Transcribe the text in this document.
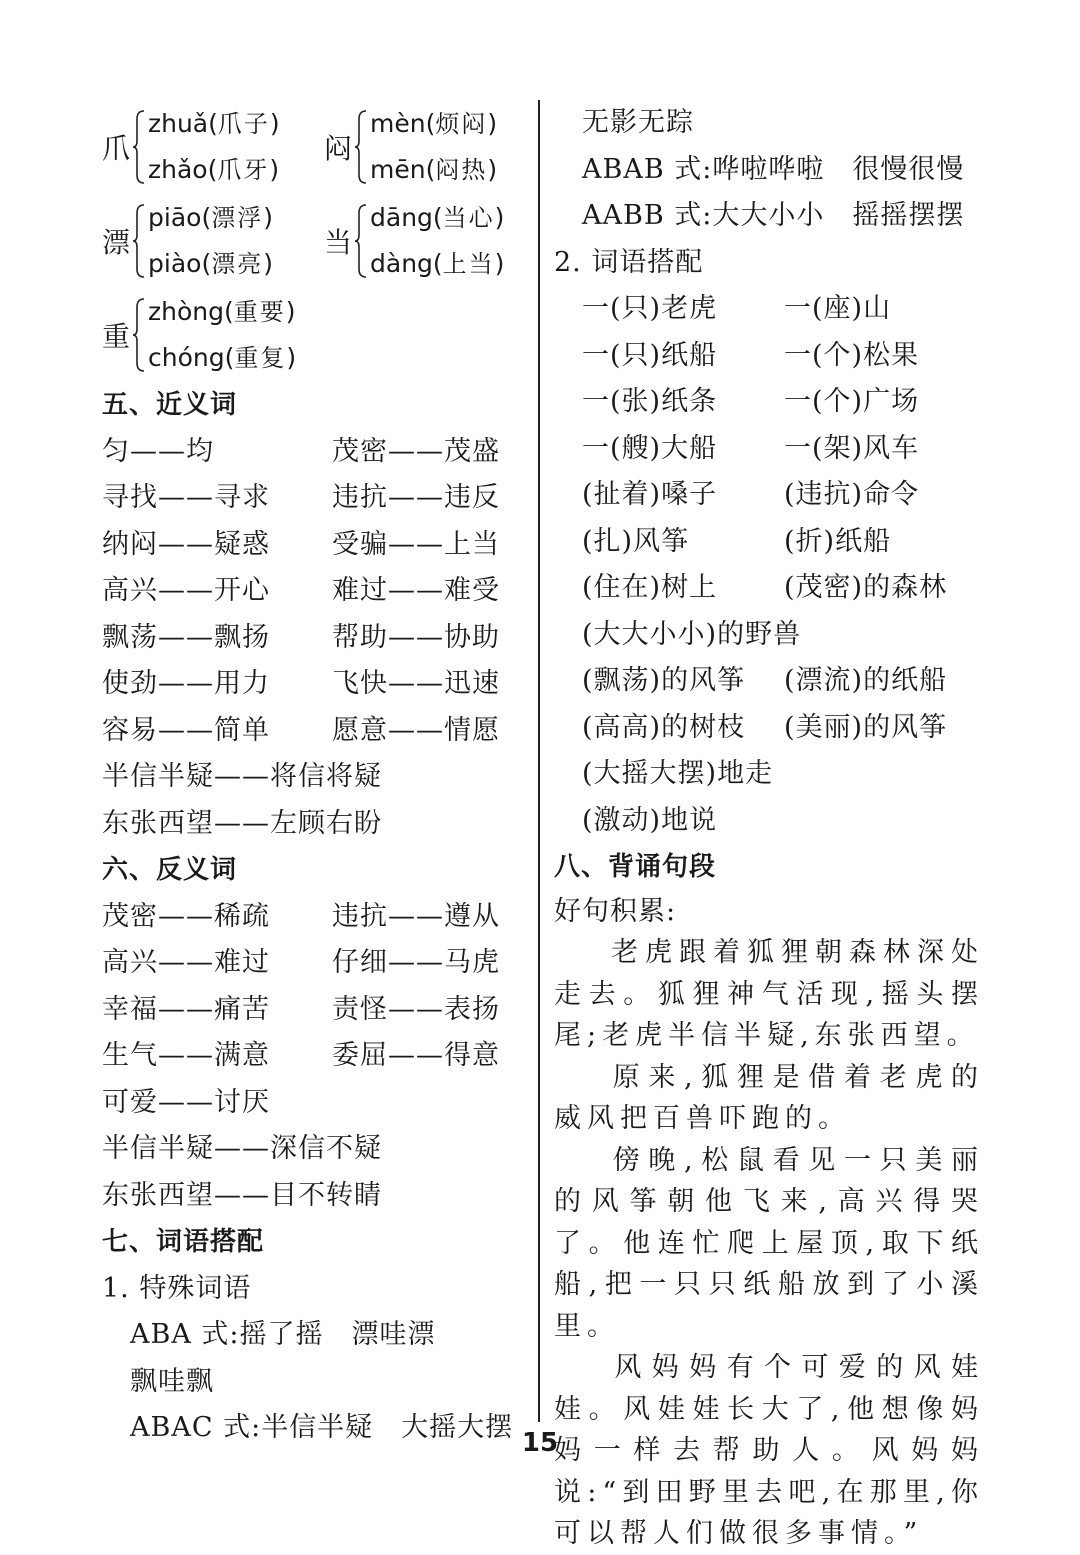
爪
zhuǎ(爪子)
zhǎo(爪牙)
闷
mèn(烦闷)
mēn(闷热)
漂
piāo(漂浮)
piào(漂亮)
当
dāng(当心)
dàng(上当)
重
zhòng(重要)
chóng(重复)
五、近义词
匀——均	茂密——茂盛
寻找——寻求 违抗——违反
纳闷——疑惑 受骗——上当
高兴——开心 难过——难受
飘荡——飘扬 帮助——协助
使劲——用力 飞快——迅速
容易——简单 愿意——情愿
半信半疑——将信将疑
东张西望——左顾右盼
六、反义词
茂密——稀疏 违抗——遵从
高兴——难过 仔细——马虎
幸福——痛苦 责怪——表扬
生气——满意 委屈——得意
可爱——讨厌
半信半疑——深信不疑
东张西望——目不转睛
七、词语搭配
1. 特殊词语
ABA 式:摇了摇　漂哇漂
飘哇飘
ABAC 式:半信半疑　大摇大摆
无影无踪
ABAB 式:哗啦哗啦　很慢很慢
AABB 式:大大小小　摇摇摆摆
2. 词语搭配
一(只)老虎 一(座)山
一(只)纸船 一(个)松果
一(张)纸条 一(个)广场
一(艘)大船 一(架)风车
(扯着)嗓子 (违抗)命令
(扎)风筝	(折)纸船
(住在)树上 (茂密)的森林
(大大小小)的野兽
(飘荡)的风筝 (漂流)的纸船
(高高)的树枝 (美丽)的风筝
(大摇大摆)地走
(激动)地说
八、背诵句段
好句积累:
老虎跟着狐狸朝森林深处走去。狐狸神气活现,摇头摆尾;老虎半信半疑,东张西望。
原来,狐狸是借着老虎的威风把百兽吓跑的。
傍晚,松鼠看见一只美丽的风筝朝他飞来,高兴得哭了。他连忙爬上屋顶,取下纸船,把一只只纸船放到了小溪里。
风妈妈有个可爱的风娃娃。风娃娃长大了,他想像妈妈一样去帮助人。风妈妈说:“到田野里去吧,在那里,你可以帮人们做很多事情。”
15
